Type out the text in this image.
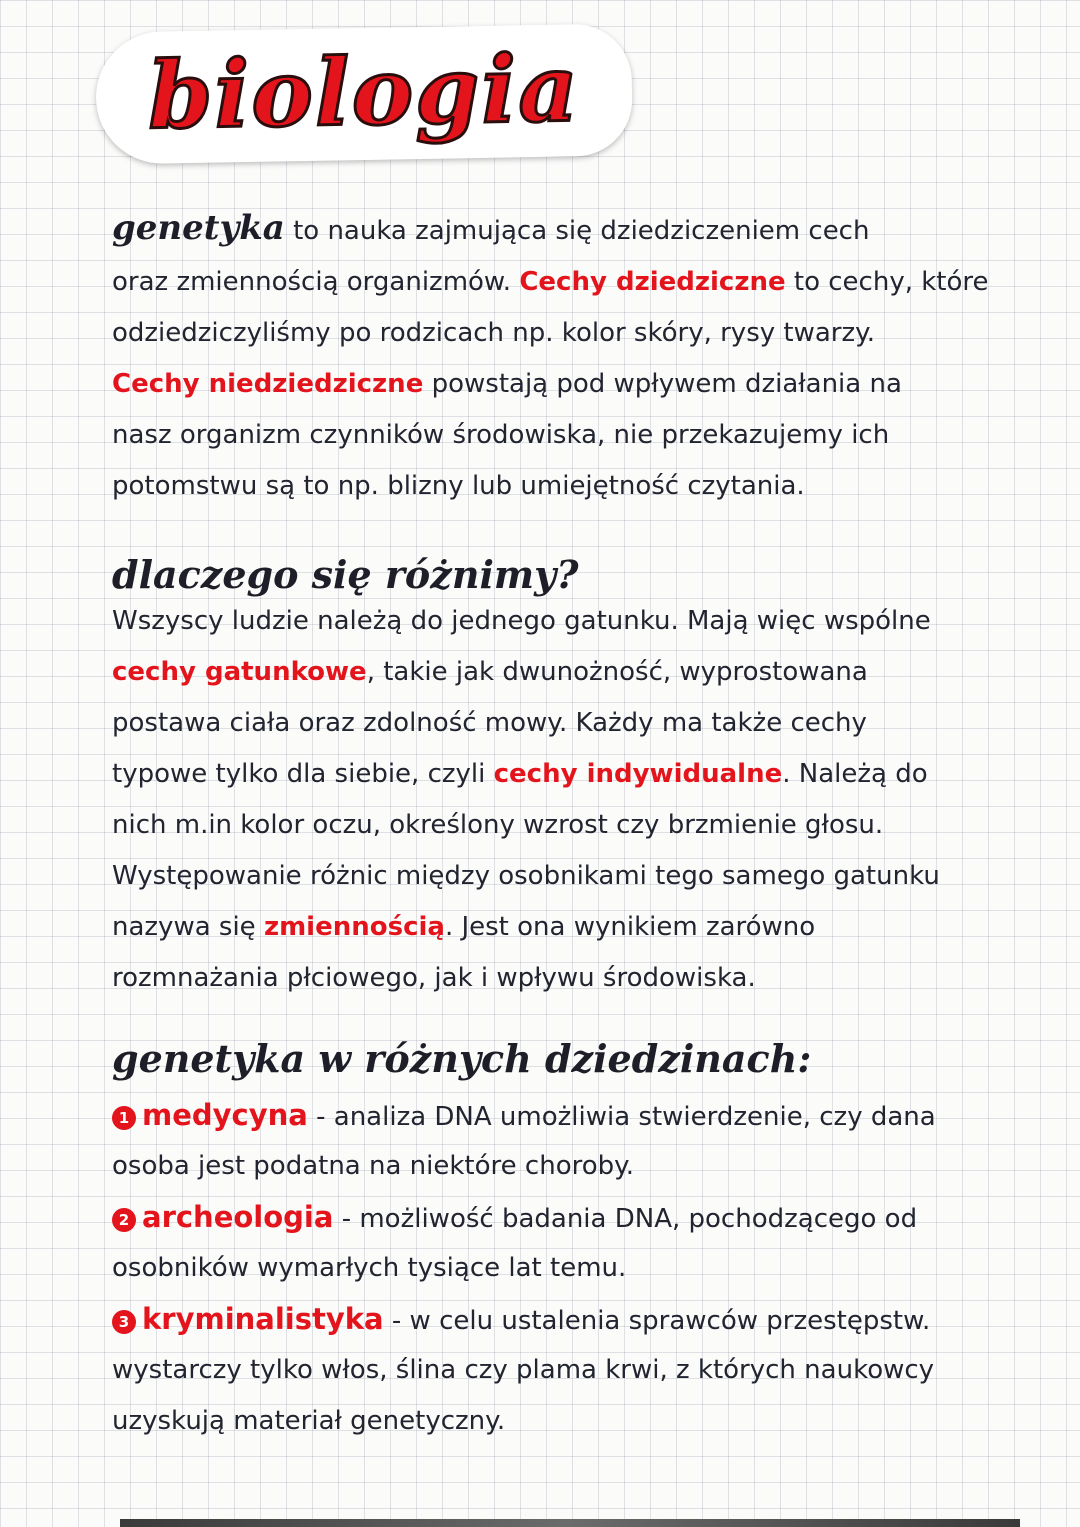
biologia
genetyka to nauka zajmująca się dziedziczeniem cech
oraz zmiennością organizmów. Cechy dziedziczne to cechy, które
odziedziczyliśmy po rodzicach np. kolor skóry, rysy twarzy.
Cechy niedziedziczne powstają pod wpływem działania na
nasz organizm czynników środowiska, nie przekazujemy ich
potomstwu są to np. blizny lub umiejętność czytania.
dlaczego się różnimy?
Wszyscy ludzie należą do jednego gatunku. Mają więc wspólne
cechy gatunkowe, takie jak dwunożność, wyprostowana
postawa ciała oraz zdolność mowy. Każdy ma także cechy
typowe tylko dla siebie, czyli cechy indywidualne. Należą do
nich m.in kolor oczu, określony wzrost czy brzmienie głosu.
Występowanie różnic między osobnikami tego samego gatunku
nazywa się zmiennością. Jest ona wynikiem zarówno
rozmnażania płciowego, jak i wpływu środowiska.
genetyka w różnych dziedzinach:
1 medycyna - analiza DNA umożliwia stwierdzenie, czy dana
osoba jest podatna na niektóre choroby.
2 archeologia - możliwość badania DNA, pochodzącego od
osobników wymarłych tysiące lat temu.
3 kryminalistyka - w celu ustalenia sprawców przestępstw.
wystarczy tylko włos, ślina czy plama krwi, z których naukowcy
uzyskują materiał genetyczny.
